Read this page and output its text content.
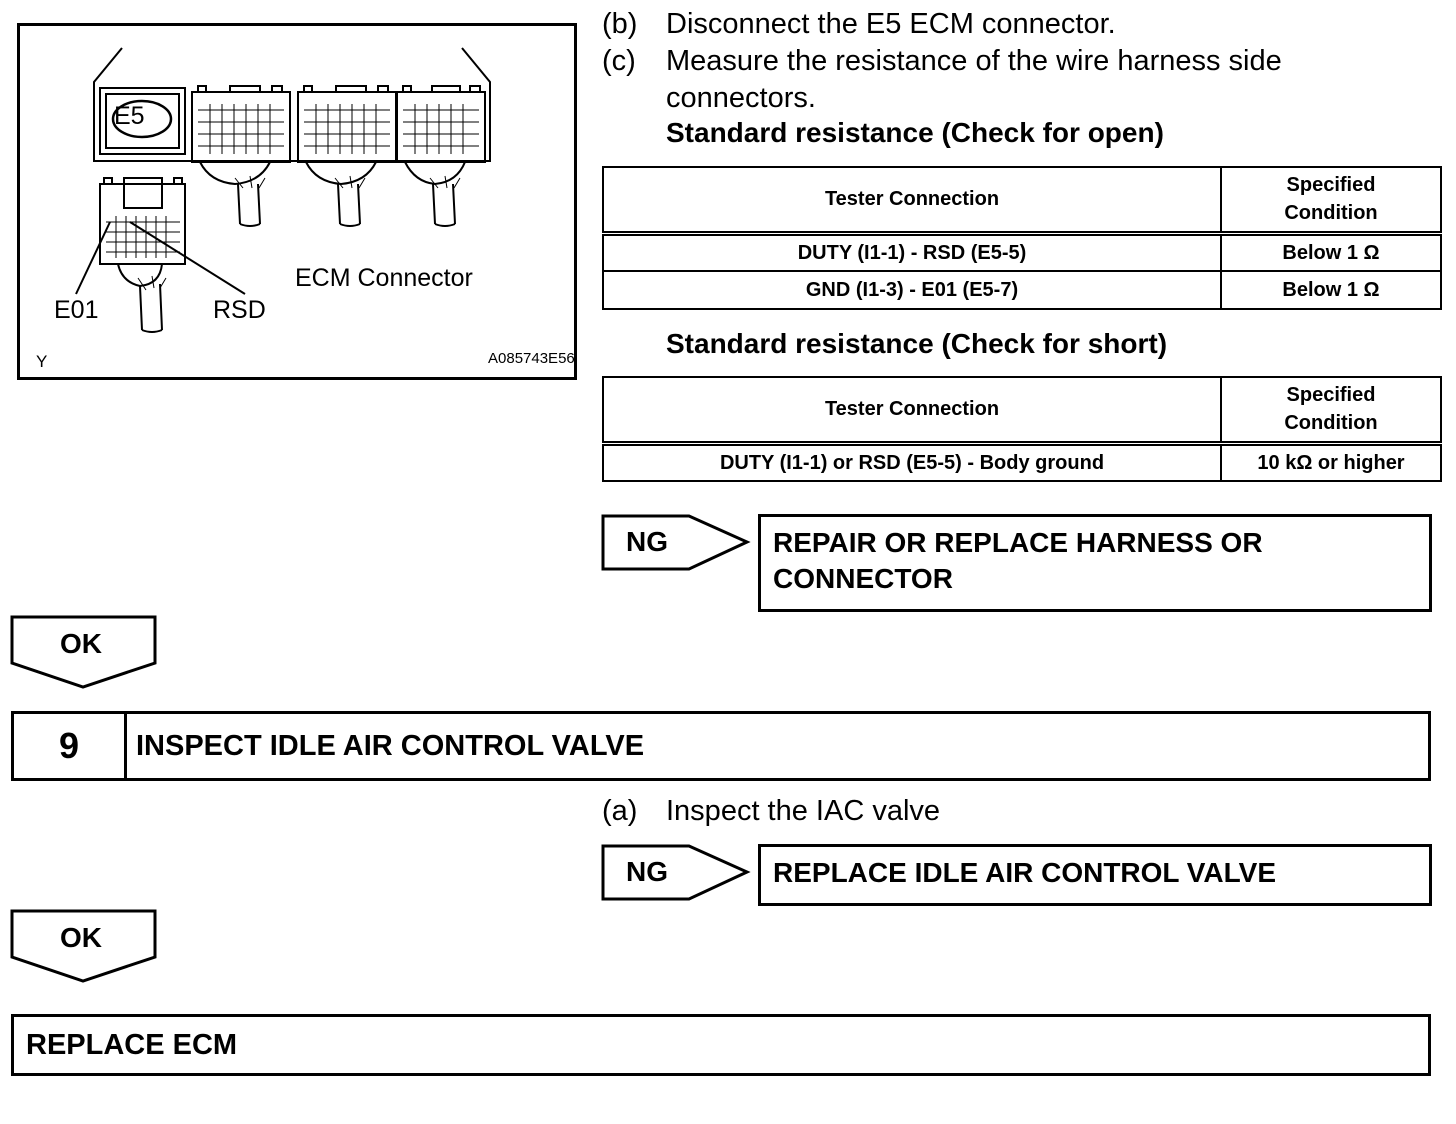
E5
ECM Connector
E01	RSD
Y	A085743E56
(b) Disconnect the E5 ECM connector.
(c) Measure the resistance of the wire harness side
connectors.
Standard resistance (Check for open)
Tester Connection	Specified
Condition
DUTY (I1-1) - RSD (E5-5)	Below 1 Ω
GND (I1-3) - E01 (E5-7)	Below 1 Ω
Standard resistance (Check for short)
Tester Connection	Specified
Condition
DUTY (I1-1) or RSD (E5-5) - Body ground	10 kΩ or higher
NG	REPAIR OR REPLACE HARNESS OR
CONNECTOR
OK
9	INSPECT IDLE AIR CONTROL VALVE
(a) Inspect the IAC valve
NG	REPLACE IDLE AIR CONTROL VALVE
OK
REPLACE ECM
